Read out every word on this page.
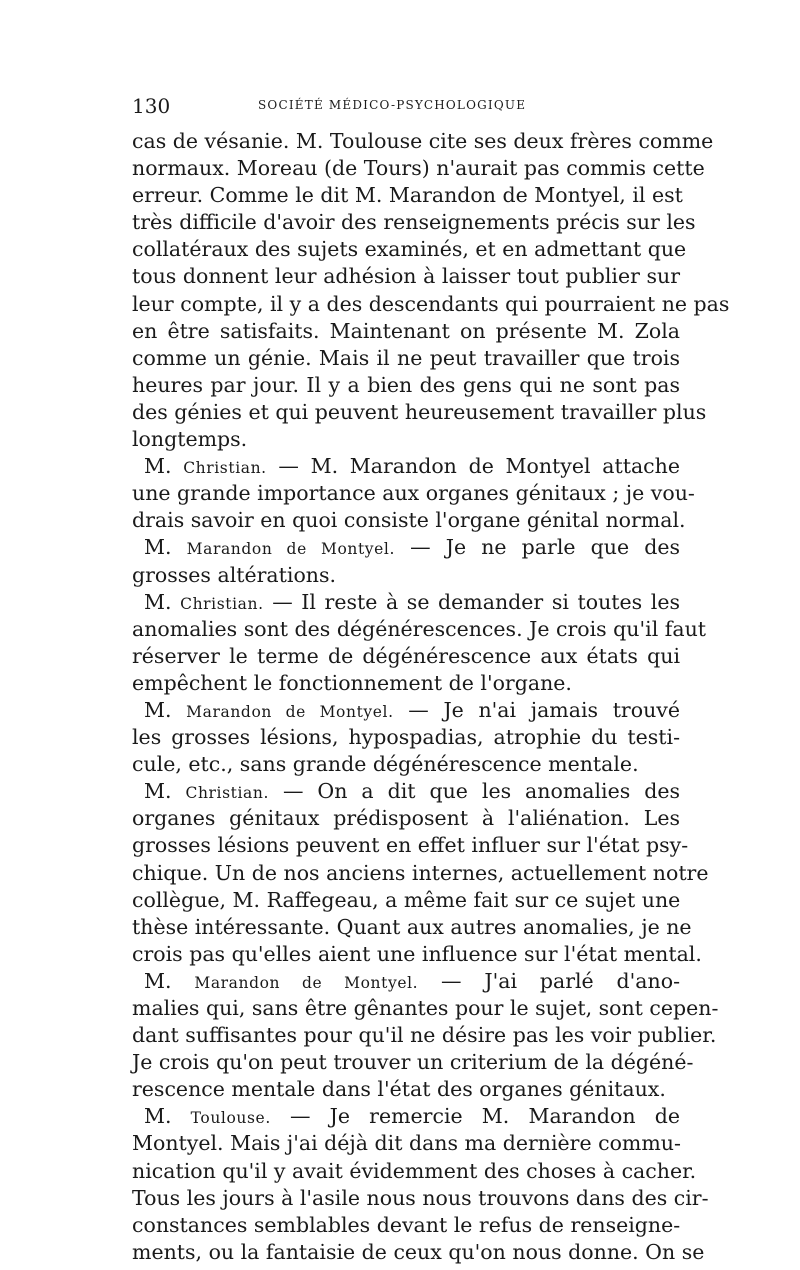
130	SOCIÉTÉ MÉDICO-PSYCHOLOGIQUE
cas de vésanie. M. Toulouse cite ses deux frères comme
normaux. Moreau (de Tours) n'aurait pas commis cette
erreur. Comme le dit M. Marandon de Montyel, il est
très difficile d'avoir des renseignements précis sur les
collatéraux des sujets examinés, et en admettant que
tous donnent leur adhésion à laisser tout publier sur
leur compte, il y a des descendants qui pourraient ne pas
en être satisfaits. Maintenant on présente M. Zola
comme un génie. Mais il ne peut travailler que trois
heures par jour. Il y a bien des gens qui ne sont pas
des génies et qui peuvent heureusement travailler plus
longtemps.
M. Christian. — M. Marandon de Montyel attache
une grande importance aux organes génitaux ; je vou-
drais savoir en quoi consiste l'organe génital normal.
M. Marandon de Montyel. — Je ne parle que des
grosses altérations.
M. Christian. — Il reste à se demander si toutes les
anomalies sont des dégénérescences. Je crois qu'il faut
réserver le terme de dégénérescence aux états qui
empêchent le fonctionnement de l'organe.
M. Marandon de Montyel. — Je n'ai jamais trouvé
les grosses lésions, hypospadias, atrophie du testi-
cule, etc., sans grande dégénérescence mentale.
M. Christian. — On a dit que les anomalies des
organes génitaux prédisposent à l'aliénation. Les
grosses lésions peuvent en effet influer sur l'état psy-
chique. Un de nos anciens internes, actuellement notre
collègue, M. Raffegeau, a même fait sur ce sujet une
thèse intéressante. Quant aux autres anomalies, je ne
crois pas qu'elles aient une influence sur l'état mental.
M. Marandon de Montyel. — J'ai parlé d'ano-
malies qui, sans être gênantes pour le sujet, sont cepen-
dant suffisantes pour qu'il ne désire pas les voir publier.
Je crois qu'on peut trouver un criterium de la dégéné-
rescence mentale dans l'état des organes génitaux.
M. Toulouse. — Je remercie M. Marandon de
Montyel. Mais j'ai déjà dit dans ma dernière commu-
nication qu'il y avait évidemment des choses à cacher.
Tous les jours à l'asile nous nous trouvons dans des cir-
constances semblables devant le refus de renseigne-
ments, ou la fantaisie de ceux qu'on nous donne. On se
